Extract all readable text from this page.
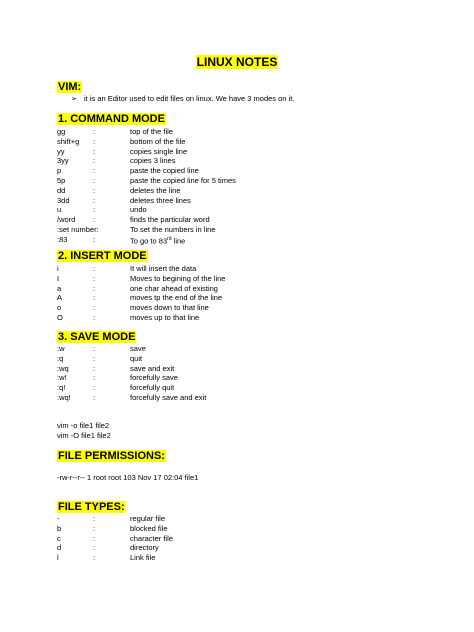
LINUX NOTES
VIM:
➢ it is an Editor used to edit files on linux. We have 3 modes on it.
1. COMMAND MODE
gg	:	top of the file
shift+g :	bottom of the file
yy	:	copies single line
3yy	:	copies 3 lines
p	:	paste the copied line
5p	:	paste the copied line for 5 times
dd	:	deletes the line
3dd	:	deletes three lines
u	:	undo
/word :	finds the particular word
:set number:	To set the numbers in line
:83	:	To go to 83rd line
2. INSERT MODE
i	:	It will insert the data
I	:	Moves to begining of the line
a	:	one char ahead of existing
A	:	moves tp the end of the line
o	:	moves down to that line
O	:	moves up to that line
3. SAVE MODE
:w	:	save
:q	:	quit
:wq	:	save and exit
:w!	:	forcefully save
:q!	:	forcefully quit
:wq!	:	forcefully save and exit
vim -o file1 file2
vim -O file1 file2
FILE PERMISSIONS:
-rw-r--r-- 1 root root 103 Nov 17 02:04 file1
FILE TYPES:
-	:	regular file
b	:	blocked file
c	:	character file
d	:	directory
l	:	Link file
